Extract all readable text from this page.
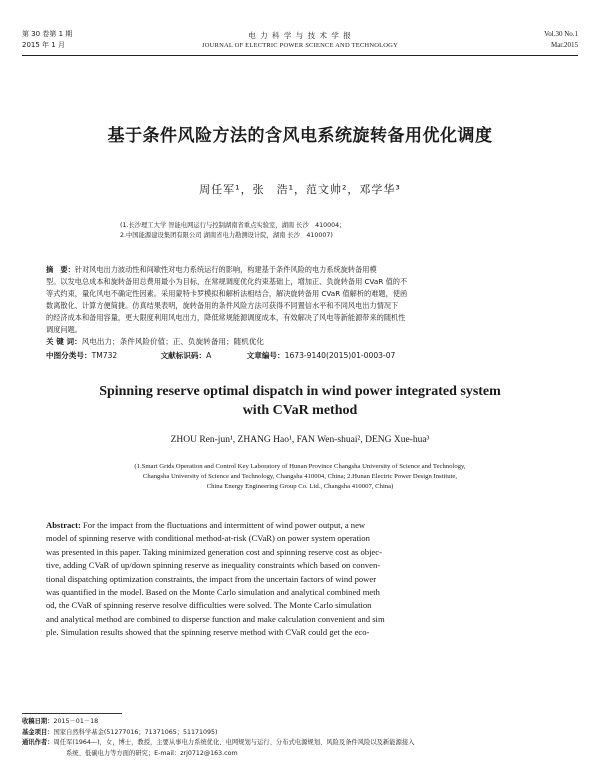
第 30 卷第 1 期
2015 年 1 月
电 力 科 学 与 技 术 学 报
JOURNAL OF ELECTRIC POWER SCIENCE AND TECHNOLOGY
Vol.30 No.1
Mar.2015
基于条件风险方法的含风电系统旋转备用优化调度
周任军¹，张　浩¹，范文帅²，邓学华³
(1.长沙理工大学 智能电网运行与控制湖南省重点实验室，湖南 长沙　410004；
2.中国能源建设集团有限公司 湖南省电力勘测设计院，湖南 长沙　410007)
摘　要：针对风电出力波动性和间歇性对电力系统运行的影响，构建基于条件风险的电力系统旋转备用模
型。以发电总成本和旋转备用总费用最小为目标，在常规调度优化约束基础上，增加正、负旋转备用 CVaR 值的不
等式约束，量化风电不确定性因素。采用蒙特卡罗模拟和解析法相结合，解决旋转备用 CVaR 值解析的难题，使函
数离散化、计算方便简捷。仿真结果表明，旋转备用的条件风险方法可获得不同置信水平和不同风电出力情况下
的经济成本和备用容量，更大限度利用风电出力，降低常规能源调度成本，有效解决了风电等新能源带来的随机性
调度问题。
关 键 词：风电出力；条件风险价值；正、负旋转备用；随机优化
中图分类号：TM732	文献标识码：A	文章编号：1673-9140(2015)01-0003-07
Spinning reserve optimal dispatch in wind power integrated system
with CVaR method
ZHOU Ren-jun¹, ZHANG Hao¹, FAN Wen-shuai², DENG Xue-hua³
(1.Smart Grids Operation and Control Key Laboratory of Hunan Province Changsha University of Science and Technology,
Changsha University of Science and Technology, Changsha 410004, China; 2.Hunan Electric Power Design Institute,
China Energy Engineering Group Co. Ltd., Changsha 410007, China)
Abstract: For the impact from the fluctuations and intermittent of wind power output, a new
model of spinning reserve with conditional method-at-risk (CVaR) on power system operation
was presented in this paper. Taking minimized generation cost and spinning reserve cost as objec-
tive, adding CVaR of up/down spinning reserve as inequality constraints which based on conven-
tional dispatching optimization constraints, the impact from the uncertain factors of wind power
was quantified in the model. Based on the Monte Carlo simulation and analytical combined meth
od, the CVaR of spinning reserve resolve difficulties were solved. The Monte Carlo simulation
and analytical method are combined to disperse function and make calculation convenient and sim
ple. Simulation results showed that the spinning reserve method with CVaR could get the eco-
收稿日期：2015－01－18
基金项目：国家自然科学基金(51277016；71371065；51171095)
通讯作者：周任军(1964—)，女，博士，教授，主要从事电力系统优化、电网规划与运行、分布式电源规划、风险及条件风险以及新能源接入
系统、低碳电力等方面的研究；E-mail：zrj0712@163.com
